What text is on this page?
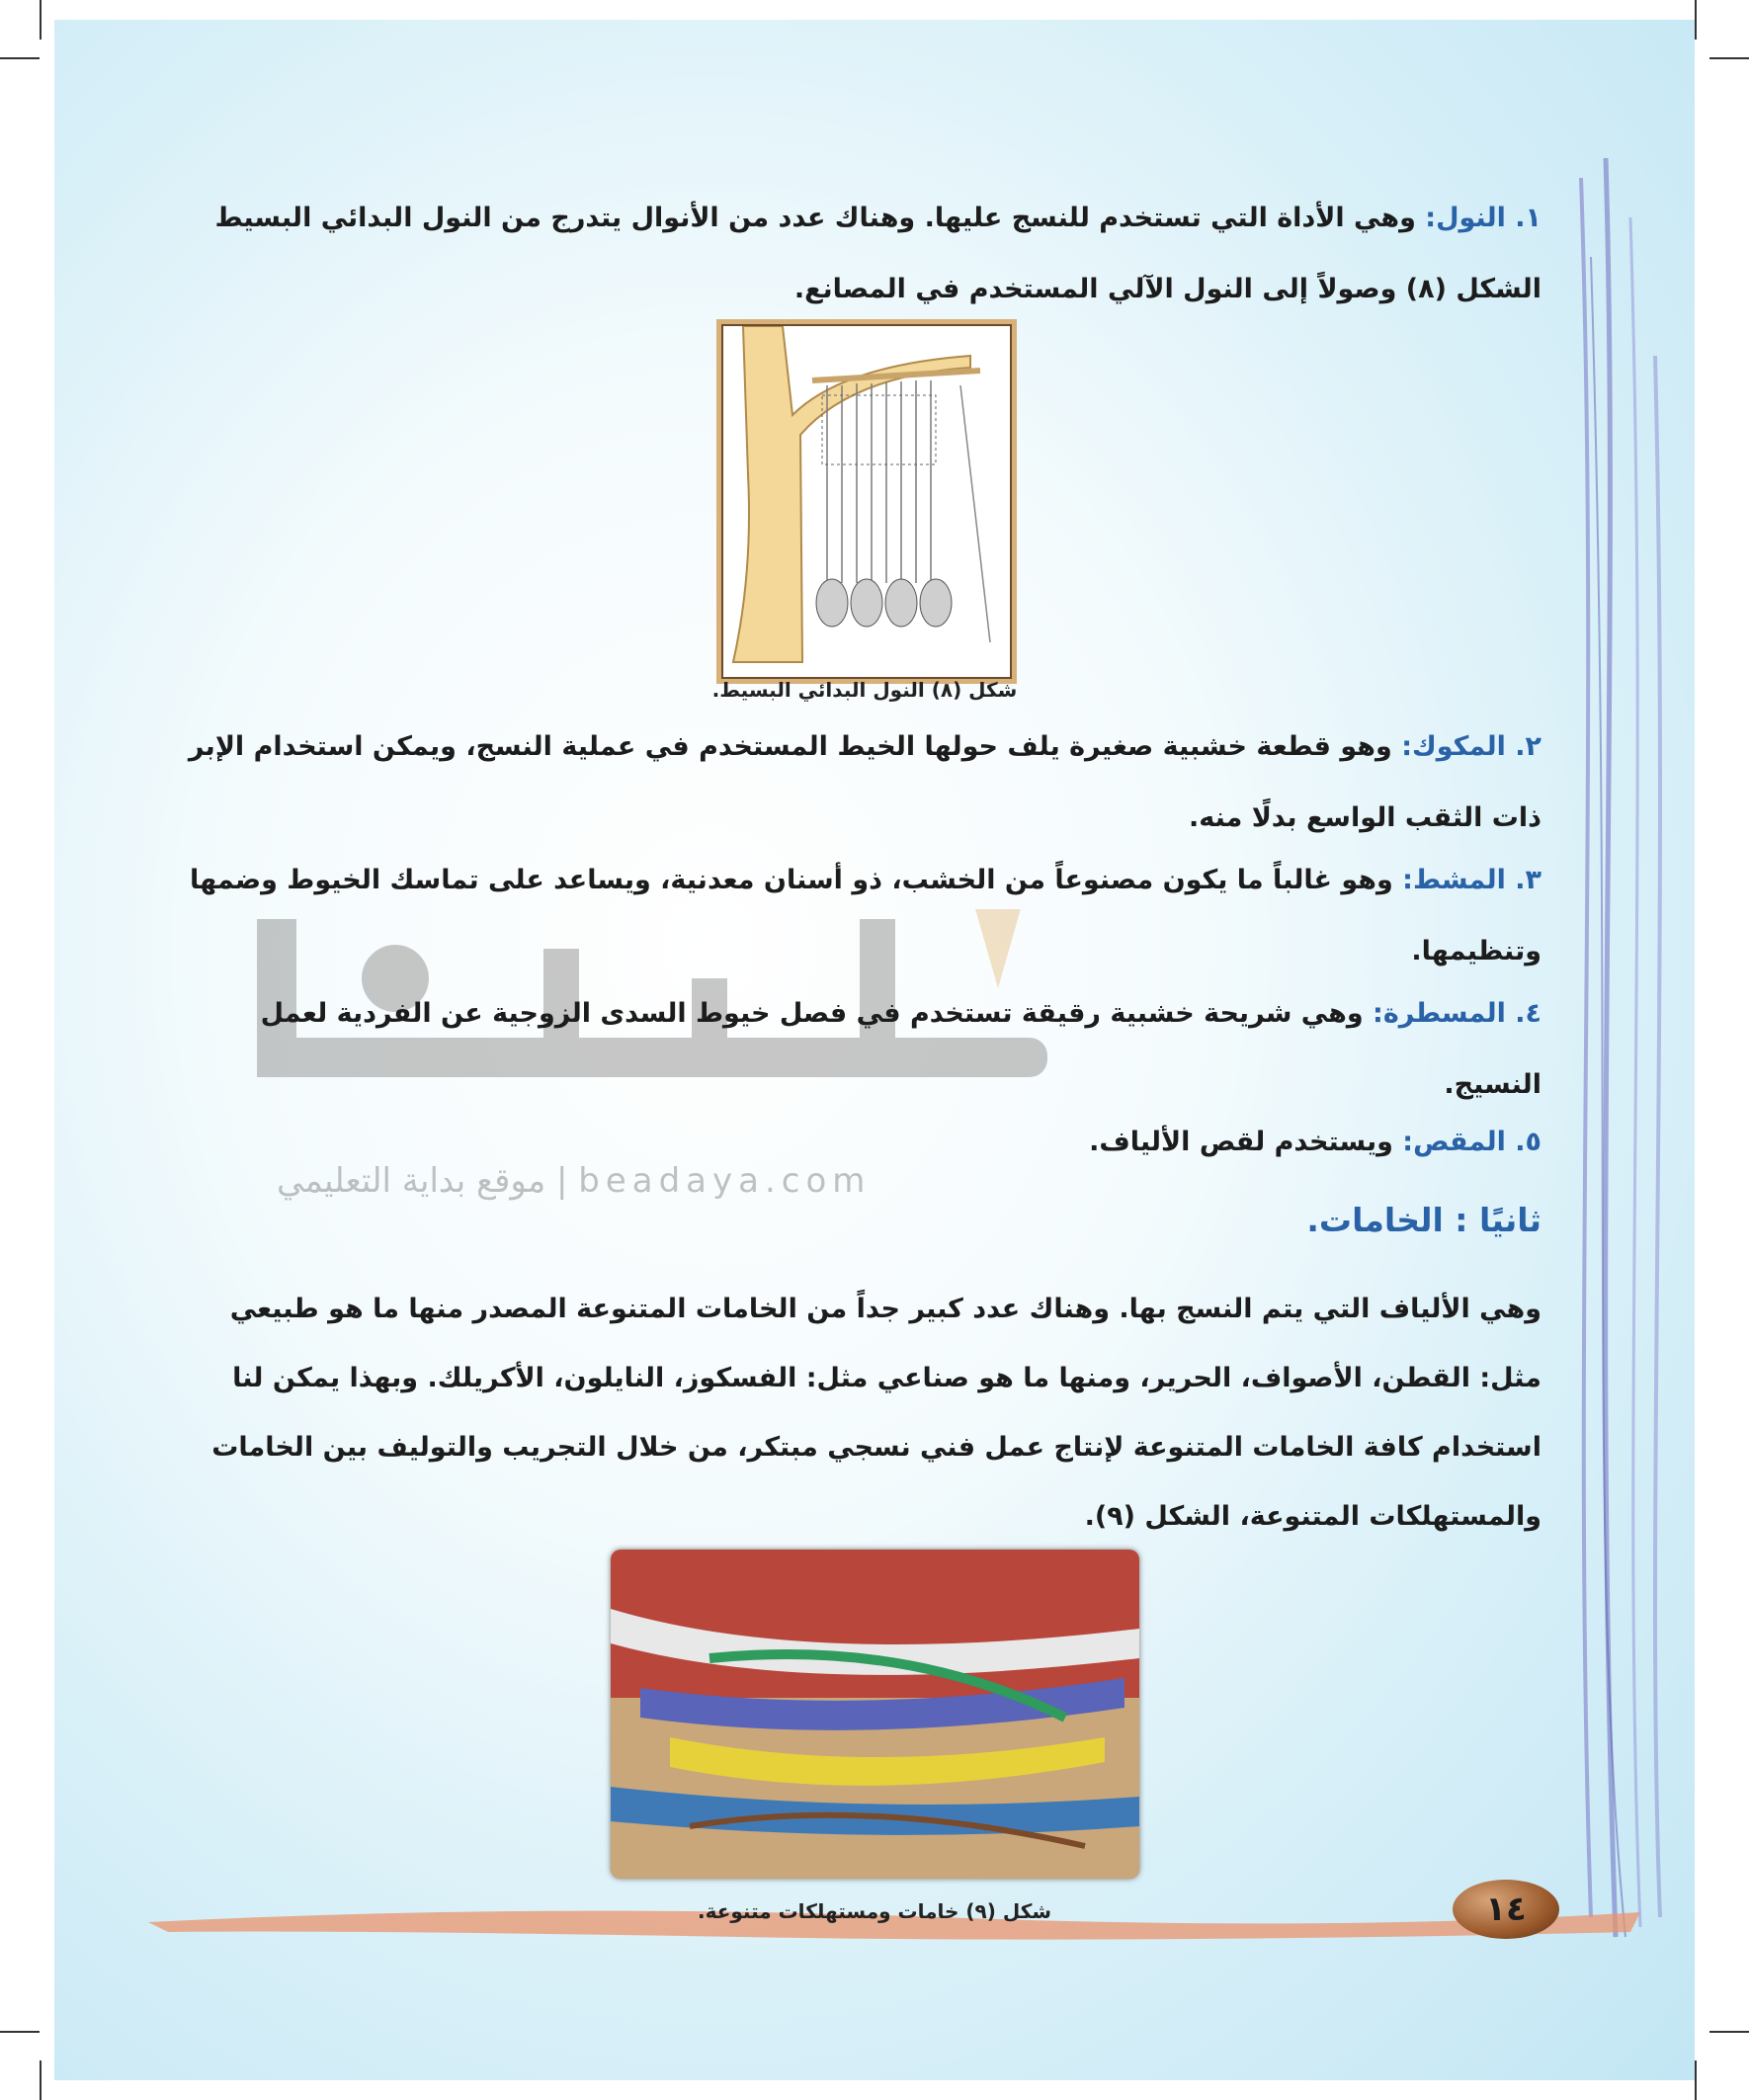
موقع بداية التعليمي | beadaya.com
١. النول: وهي الأداة التي تستخدم للنسج عليها. وهناك عدد من الأنوال يتدرج من النول البدائي البسيط الشكل (٨) وصولاً إلى النول الآلي المستخدم في المصانع.
٢. المكوك: وهو قطعة خشبية صغيرة يلف حولها الخيط المستخدم في عملية النسج، ويمكن استخدام الإبر ذات الثقب الواسع بدلًا منه.
٣. المشط: وهو غالباً ما يكون مصنوعاً من الخشب، ذو أسنان معدنية، ويساعد على تماسك الخيوط وضمها وتنظيمها.
٤. المسطرة: وهي شريحة خشبية رقيقة تستخدم في فصل خيوط السدى الزوجية عن الفردية لعمل النسيج.
٥. المقص: ويستخدم لقص الألياف.
ثانيًا : الخامات.
وهي الألياف التي يتم النسج بها. وهناك عدد كبير جداً من الخامات المتنوعة المصدر منها ما هو طبيعي مثل: القطن، الأصواف، الحرير، ومنها ما هو صناعي مثل: الفسكوز، النايلون، الأكريلك. وبهذا يمكن لنا استخدام كافة الخامات المتنوعة لإنتاج عمل فني نسجي مبتكر، من خلال التجريب والتوليف بين الخامات والمستهلكات المتنوعة، الشكل (٩).
شكل (٨) النول البدائي البسيط.
شكل (٩) خامات ومستهلكات متنوعة.	١٤
